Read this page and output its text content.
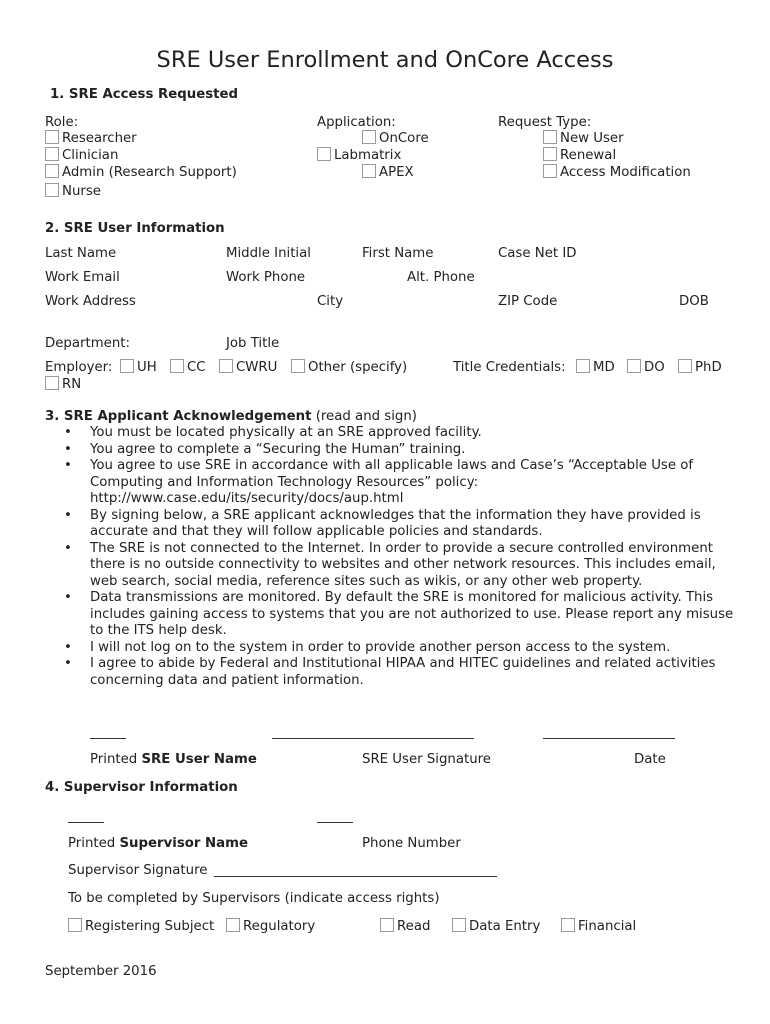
SRE User Enrollment and OnCore Access
1. SRE Access Requested
Role:
Researcher
Clinician
Admin (Research Support)
Nurse
Application:
OnCore
Labmatrix
APEX
Request Type:
New User
Renewal
Access Modification
2. SRE User Information
Last Name	Middle Initial	First Name	Case Net ID
Work Email	Work Phone	Alt. Phone
Work Address	City	ZIP Code	DOB
Department:	Job Title
Employer:	UH	CC	CWRU	Other (specify)	Title Credentials:	MD	DO	PhD
RN
3. SRE Applicant Acknowledgement (read and sign)
• You must be located physically at an SRE approved facility.
• You agree to complete a “Securing the Human” training.
• You agree to use SRE in accordance with all applicable laws and Case’s “Acceptable Use of Computing and Information Technology Resources” policy: http://www.case.edu/its/security/docs/aup.html
• By signing below, a SRE applicant acknowledges that the information they have provided is accurate and that they will follow applicable policies and standards.
• The SRE is not connected to the Internet. In order to provide a secure controlled environment there is no outside connectivity to websites and other network resources. This includes email, web search, social media, reference sites such as wikis, or any other web property.
• Data transmissions are monitored. By default the SRE is monitored for malicious activity. This includes gaining access to systems that you are not authorized to use. Please report any misuse to the ITS help desk.
• I will not log on to the system in order to provide another person access to the system.
• I agree to abide by Federal and Institutional HIPAA and HITEC guidelines and related activities concerning data and patient information.
Printed SRE User Name	SRE User Signature	Date
4. Supervisor Information
Printed Supervisor Name	Phone Number
Supervisor Signature
To be completed by Supervisors (indicate access rights)
Registering Subject	Regulatory	Read	Data Entry	Financial
September 2016
